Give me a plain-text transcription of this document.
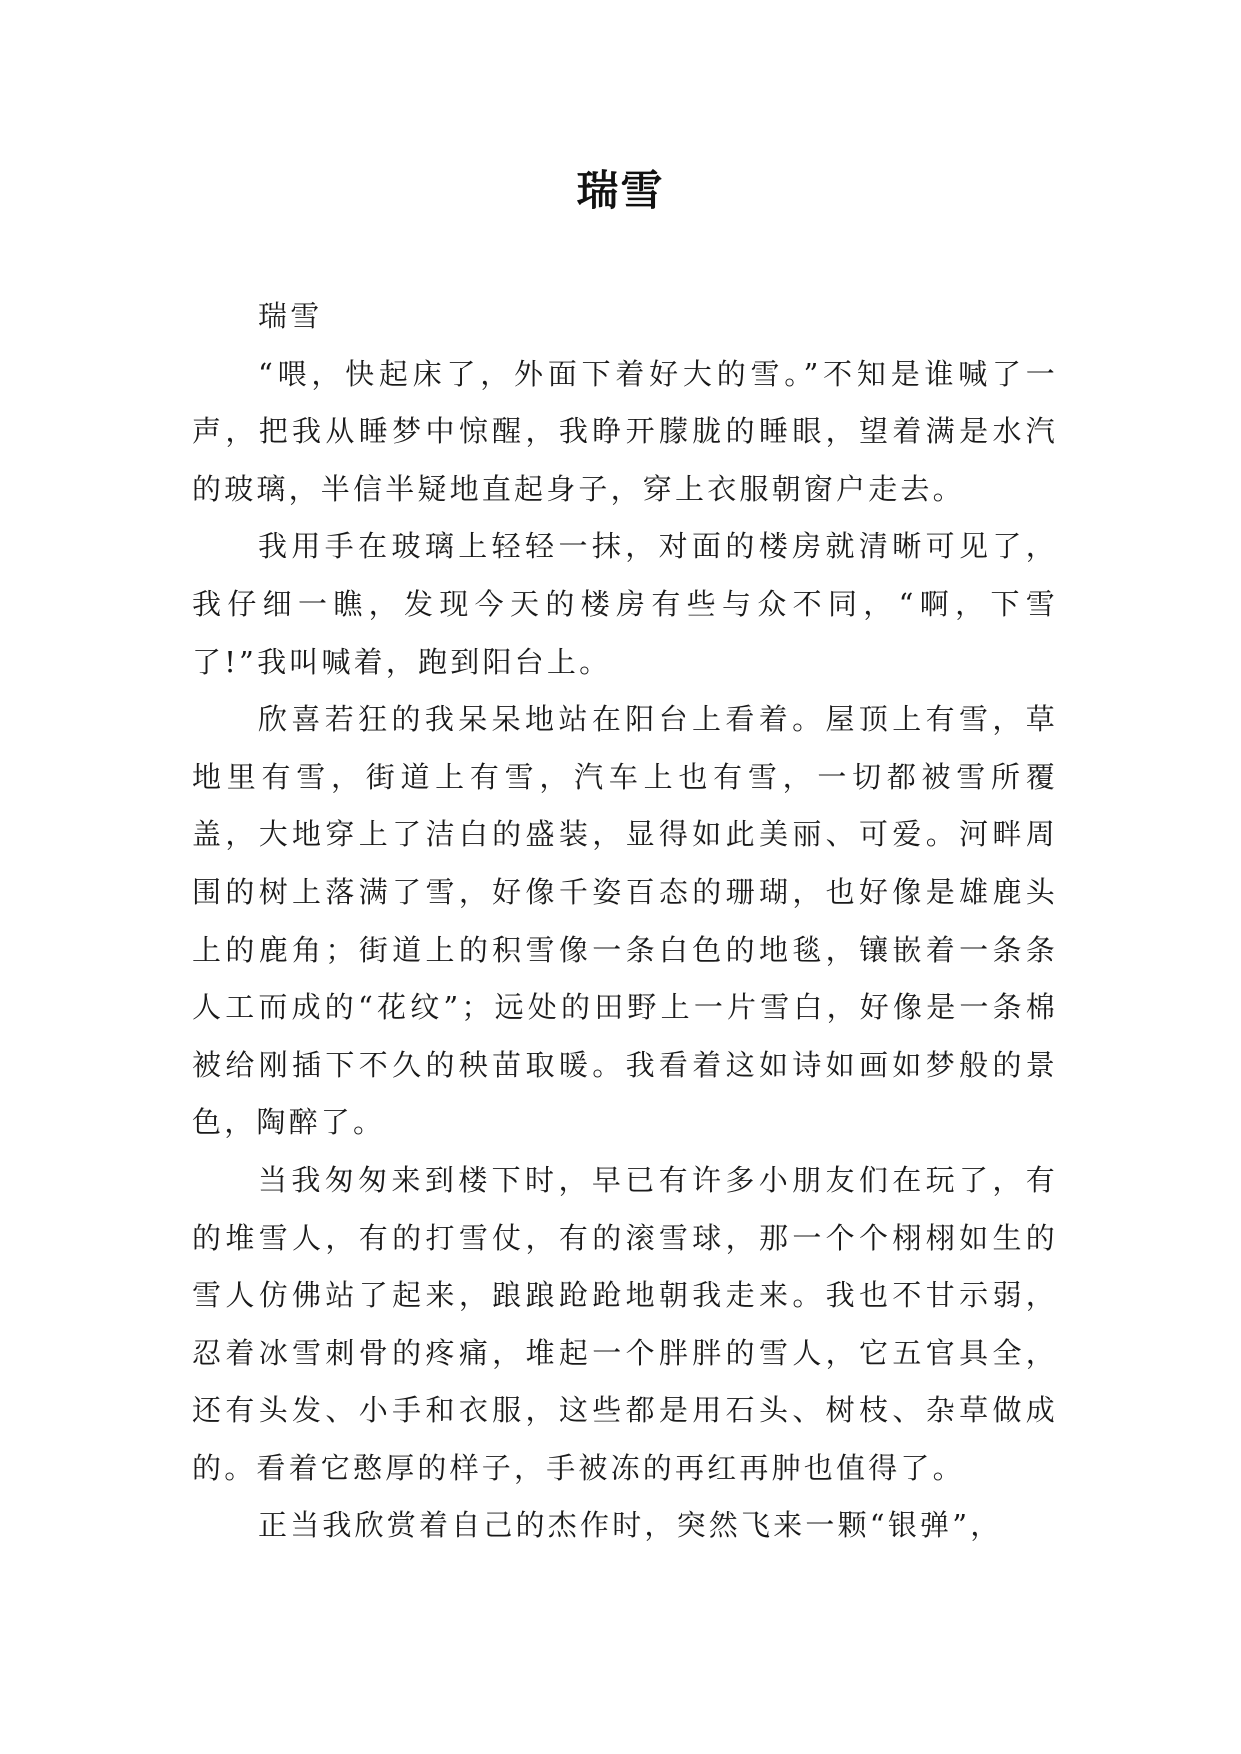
瑞雪

瑞雪

“喂，快起床了，外面下着好大的雪。”不知是谁喊了一声，把我从睡梦中惊醒，我睁开朦胧的睡眼，望着满是水汽的玻璃，半信半疑地直起身子，穿上衣服朝窗户走去。

我用手在玻璃上轻轻一抹，对面的楼房就清晰可见了，我仔细一瞧，发现今天的楼房有些与众不同，“啊，下雪了!”我叫喊着，跑到阳台上。

欣喜若狂的我呆呆地站在阳台上看着。屋顶上有雪，草地里有雪，街道上有雪，汽车上也有雪，一切都被雪所覆盖，大地穿上了洁白的盛装，显得如此美丽、可爱。河畔周围的树上落满了雪，好像千姿百态的珊瑚，也好像是雄鹿头上的鹿角；街道上的积雪像一条白色的地毯，镶嵌着一条条人工而成的“花纹”；远处的田野上一片雪白，好像是一条棉被给刚插下不久的秧苗取暖。我看着这如诗如画如梦般的景色，陶醉了。

当我匆匆来到楼下时，早已有许多小朋友们在玩了，有的堆雪人，有的打雪仗，有的滚雪球，那一个个栩栩如生的雪人仿佛站了起来，踉踉跄跄地朝我走来。我也不甘示弱，忍着冰雪刺骨的疼痛，堆起一个胖胖的雪人，它五官具全，还有头发、小手和衣服，这些都是用石头、树枝、杂草做成的。看着它憨厚的样子，手被冻的再红再肿也值得了。

正当我欣赏着自己的杰作时，突然飞来一颗“银弹”，
